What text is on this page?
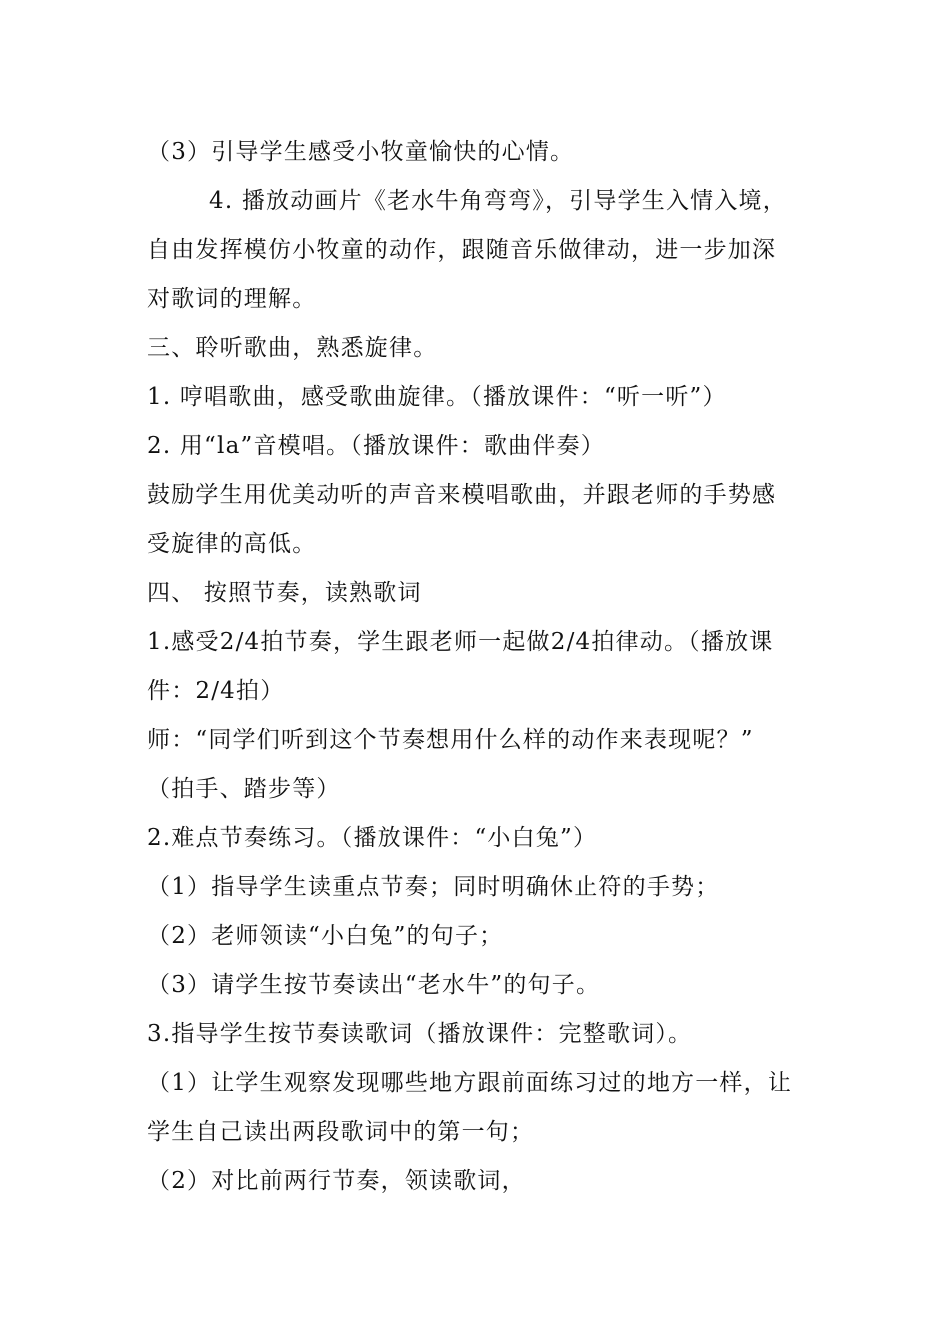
（3）引导学生感受小牧童愉快的心情。
4. 播放动画片《老水牛角弯弯》，引导学生入情入境，
自由发挥模仿小牧童的动作，跟随音乐做律动，进一步加深
对歌词的理解。
三、聆听歌曲，熟悉旋律。
1. 哼唱歌曲，感受歌曲旋律。（播放课件：“听一听”）
2. 用“la”音模唱。（播放课件：歌曲伴奏）
鼓励学生用优美动听的声音来模唱歌曲，并跟老师的手势感
受旋律的高低。
四、 按照节奏，读熟歌词
1.感受2/4拍节奏，学生跟老师一起做2/4拍律动。（播放课
件：2/4拍）
师：“同学们听到这个节奏想用什么样的动作来表现呢？”
（拍手、踏步等）
2.难点节奏练习。（播放课件：“小白兔”）
（1）指导学生读重点节奏；同时明确休止符的手势；
（2）老师领读“小白兔”的句子；
（3）请学生按节奏读出“老水牛”的句子。
3.指导学生按节奏读歌词（播放课件：完整歌词）。
（1）让学生观察发现哪些地方跟前面练习过的地方一样，让
学生自己读出两段歌词中的第一句；
（2）对比前两行节奏，领读歌词，
